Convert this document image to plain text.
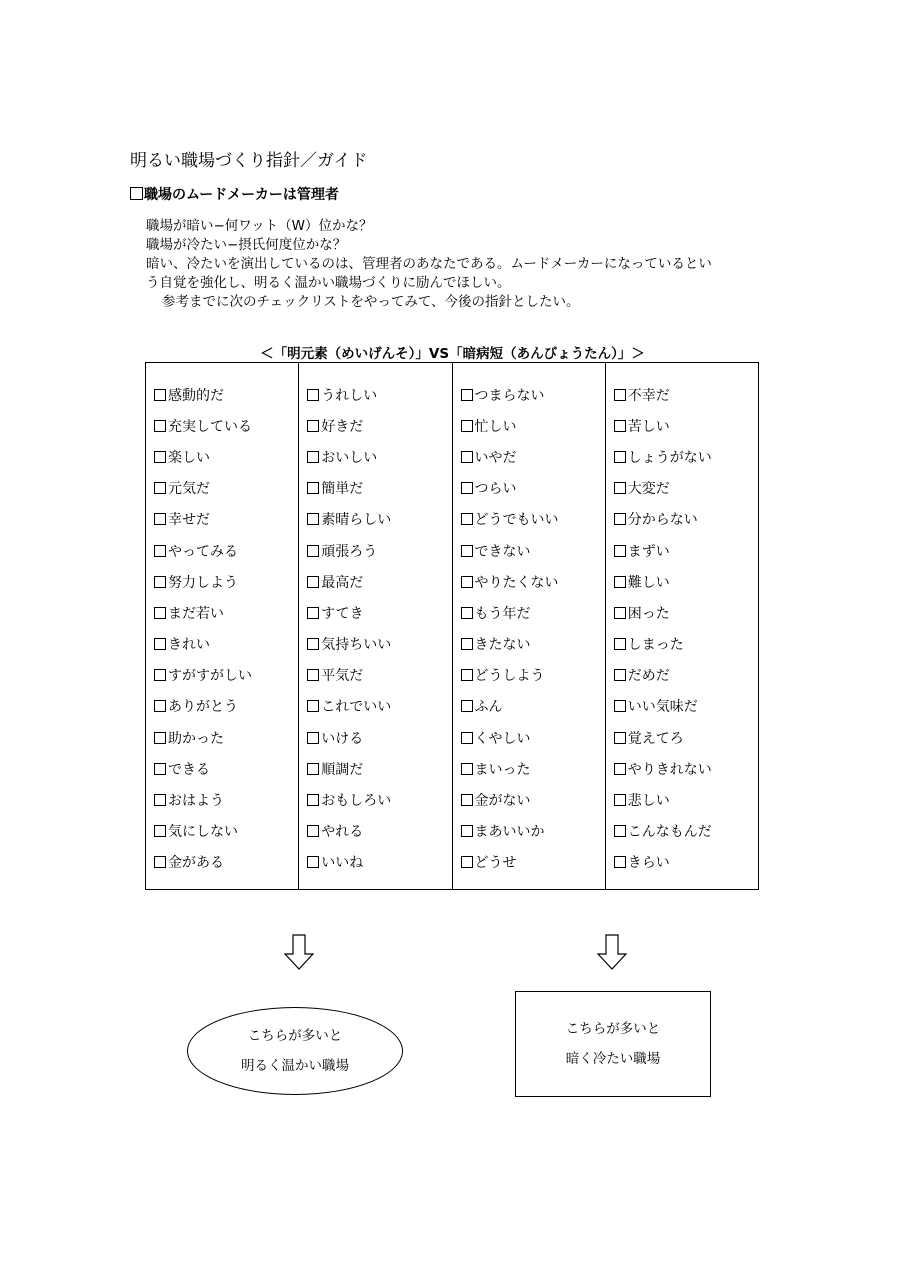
明るい職場づくり指針／ガイド
職場のムードメーカーは管理者

職場が暗い−何ワット（W）位かな？

職場が冷たい−摂氏何度位かな？

暗い、冷たいを演出しているのは、管理者のあなたである。ムードメーカーになっているとい

う自覚を強化し、明るく温かい職場づくりに励んでほしい。

参考までに次のチェックリストをやってみて、今後の指針としたい。

＜「明元素（めいげんそ）」VS「暗病短（あんびょうたん）」＞
感動的だ
充実している
楽しい
元気だ
幸せだ
やってみる
努力しよう
まだ若い
きれい
すがすがしい
ありがとう
助かった
できる
おはよう
気にしない
金がある
うれしい
好きだ
おいしい
簡単だ
素晴らしい
頑張ろう
最高だ
すてき
気持ちいい
平気だ
これでいい
いける
順調だ
おもしろい
やれる
いいね
つまらない
忙しい
いやだ
つらい
どうでもいい
できない
やりたくない
もう年だ
きたない
どうしよう
ふん
くやしい
まいった
金がない
まあいいか
どうせ
不幸だ
苦しい
しょうがない
大変だ
分からない
まずい
難しい
困った
しまった
だめだ
いい気味だ
覚えてろ
やりきれない
悲しい
こんなもんだ
きらい
こちらが多いと
明るく温かい職場
こちらが多いと
暗く冷たい職場
